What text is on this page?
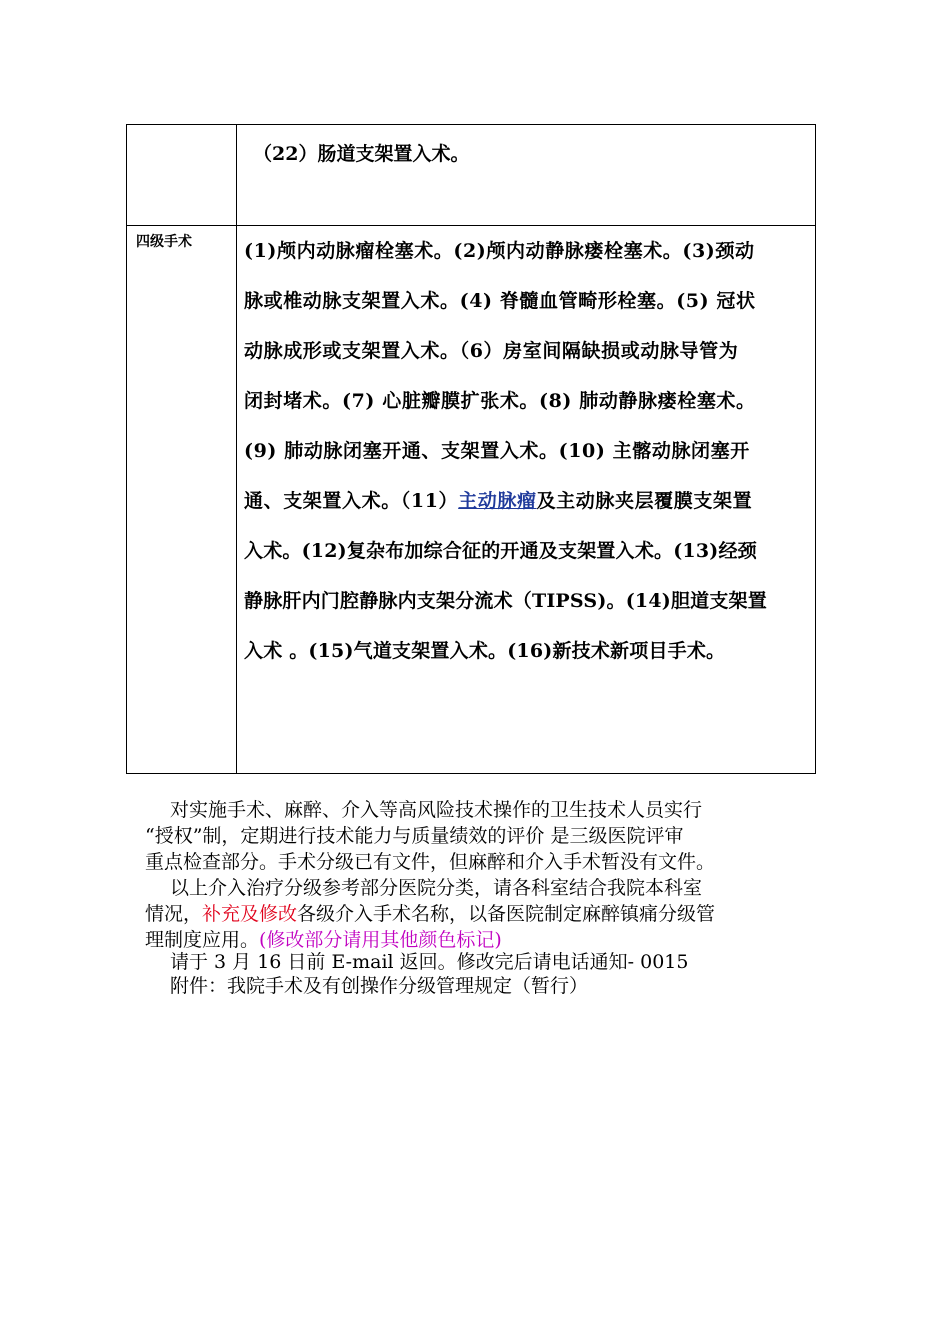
（22）肠道支架置入术。
四级手术	(1)颅内动脉瘤栓塞术。(2)颅内动静脉瘘栓塞术。(3)颈动
脉或椎动脉支架置入术。(4) 脊髓血管畸形栓塞。(5) 冠状
动脉成形或支架置入术。（6）房室间隔缺损或动脉导管为
闭封堵术。(7) 心脏瓣膜扩张术。(8) 肺动静脉瘘栓塞术。
(9) 肺动脉闭塞开通、支架置入术。(10) 主髂动脉闭塞开
通、支架置入术。（11）主动脉瘤及主动脉夹层覆膜支架置
入术。(12)复杂布加综合征的开通及支架置入术。(13)经颈
静脉肝内门腔静脉内支架分流术（TIPSS)。(14)胆道支架置
入术 。(15)气道支架置入术。(16)新技术新项目手术。
对实施手术、麻醉、介入等高风险技术操作的卫生技术人员实行
“授权”制，定期进行技术能力与质量绩效的评价 是三级医院评审
重点检查部分。手术分级已有文件，但麻醉和介入手术暂没有文件。
以上介入治疗分级参考部分医院分类，请各科室结合我院本科室
情况，补充及修改各级介入手术名称，以备医院制定麻醉镇痛分级管
理制度应用。(修改部分请用其他颜色标记)
请于 3 月 16 日前 E-mail 返回。修改完后请电话通知- 0015
附件：我院手术及有创操作分级管理规定（暂行）
